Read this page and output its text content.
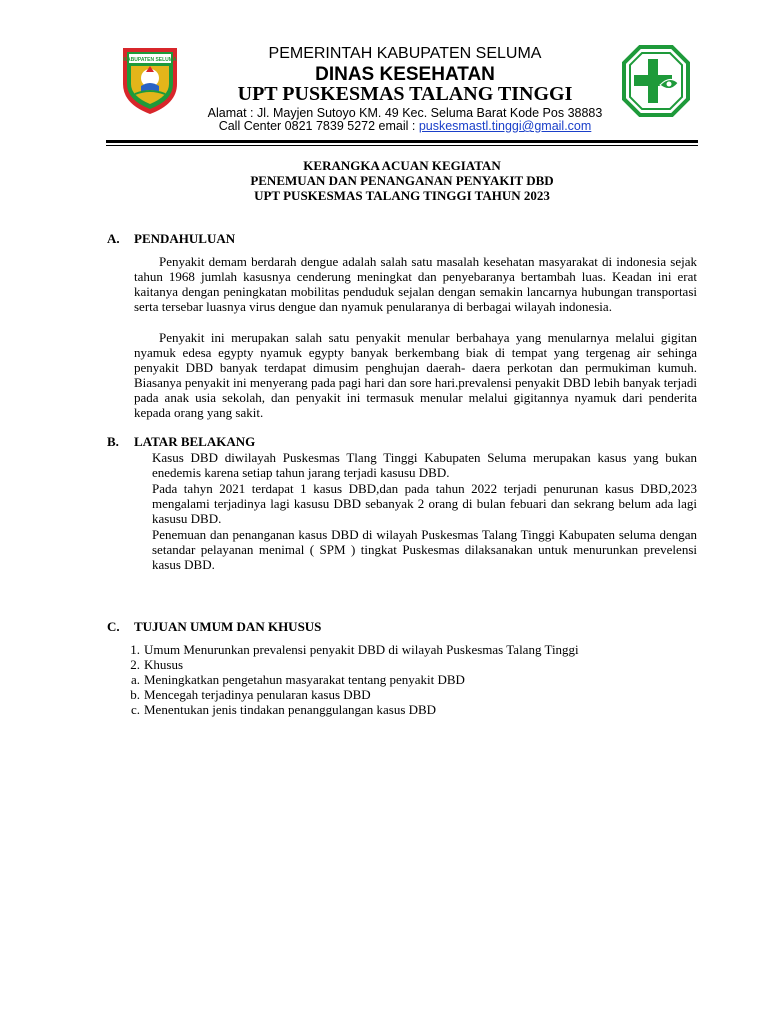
KABUPATEN SELUMA	PEMERINTAH KABUPATEN SELUMA
DINAS KESEHATAN
UPT PUSKESMAS TALANG TINGGI
Alamat : Jl. Mayjen Sutoyo KM. 49 Kec. Seluma Barat Kode Pos 38883
Call Center 0821 7839 5272 email : puskesmastl.tinggi@gmail.com
KERANGKA ACUAN KEGIATAN
PENEMUAN DAN PENANGANAN PENYAKIT DBD
UPT PUSKESMAS TALANG TINGGI TAHUN 2023
A. PENDAHULUAN
Penyakit demam berdarah dengue adalah salah satu masalah kesehatan masyarakat di indonesia sejak tahun 1968 jumlah kasusnya cenderung meningkat dan penyebaranya bertambah luas. Keadan ini erat kaitanya dengan peningkatan mobilitas penduduk sejalan dengan semakin lancarnya hubungan transportasi serta tersebar luasnya virus dengue dan nyamuk penularanya di berbagai wilayah indonesia.
Penyakit ini merupakan salah satu penyakit menular berbahaya yang menularnya melalui gigitan nyamuk edesa egypty nyamuk egypty banyak berkembang biak di tempat yang tergenag air sehinga penyakit DBD banyak terdapat dimusim penghujan daerah- daera perkotan dan permukiman kumuh. Biasanya penyakit ini menyerang pada pagi hari dan sore hari.prevalensi penyakit DBD lebih banyak terjadi pada anak usia sekolah, dan penyakit ini termasuk menular melalui gigitannya nyamuk dari penderita kepada orang yang sakit.
B. LATAR BELAKANG
Kasus DBD diwilayah Puskesmas Tlang Tinggi Kabupaten Seluma merupakan kasus yang bukan enedemis karena setiap tahun jarang terjadi kasusu DBD.
Pada tahyn 2021 terdapat 1 kasus DBD,dan pada tahun 2022 terjadi penurunan kasus DBD,2023 mengalami terjadinya lagi kasusu DBD sebanyak 2 orang di bulan febuari dan sekrang belum ada lagi kasusu DBD.
Penemuan dan penanganan kasus DBD di wilayah Puskesmas Talang Tinggi Kabupaten seluma dengan setandar pelayanan menimal ( SPM ) tingkat Puskesmas dilaksanakan untuk menurunkan prevelensi kasus DBD.
C. TUJUAN UMUM DAN KHUSUS
1. Umum Menurunkan prevalensi penyakit DBD di wilayah Puskesmas Talang Tinggi
2. Khusus
a. Meningkatkan pengetahun masyarakat tentang penyakit DBD
b. Mencegah terjadinya penularan kasus DBD
c. Menentukan jenis tindakan penanggulangan kasus DBD
